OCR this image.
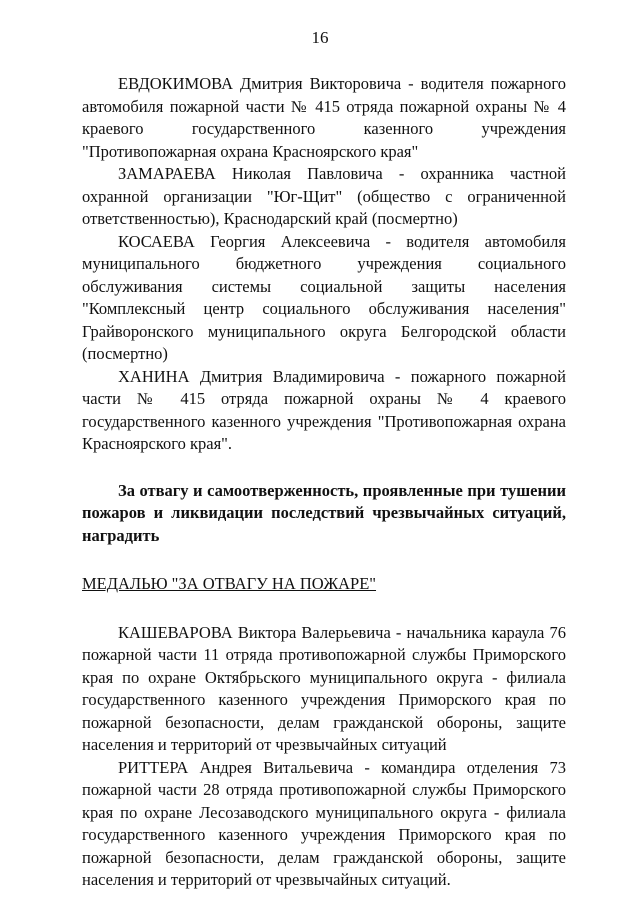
16

ЕВДОКИМОВА Дмитрия Викторовича - водителя пожарного автомобиля пожарной части № 415 отряда пожарной охраны № 4 краевого государственного казенного учреждения "Противопожарная охрана Красноярского края"

ЗАМАРАЕВА Николая Павловича - охранника частной охранной организации "Юг-Щит" (общество с ограниченной ответственностью), Краснодарский край (посмертно)

КОСАЕВА Георгия Алексеевича - водителя автомобиля муниципального бюджетного учреждения социального обслуживания системы социальной защиты населения "Комплексный центр социального обслуживания населения" Грайворонского муниципального округа Белгородской области (посмертно)

ХАНИНА Дмитрия Владимировича - пожарного пожарной части № 415 отряда пожарной охраны № 4 краевого государственного казенного учреждения "Противопожарная охрана Красноярского края".

За отвагу и самоотверженность, проявленные при тушении пожаров и ликвидации последствий чрезвычайных ситуаций, наградить

МЕДАЛЬЮ "ЗА ОТВАГУ НА ПОЖАРЕ"

КАШЕВАРОВА Виктора Валерьевича - начальника караула 76 пожарной части 11 отряда противопожарной службы Приморского края по охране Октябрьского муниципального округа - филиала государственного казенного учреждения Приморского края по пожарной безопасности, делам гражданской обороны, защите населения и территорий от чрезвычайных ситуаций

РИТТЕРА Андрея Витальевича - командира отделения 73 пожарной части 28 отряда противопожарной службы Приморского края по охране Лесозаводского муниципального округа - филиала государственного казенного учреждения Приморского края по пожарной безопасности, делам гражданской обороны, защите населения и территорий от чрезвычайных ситуаций.
